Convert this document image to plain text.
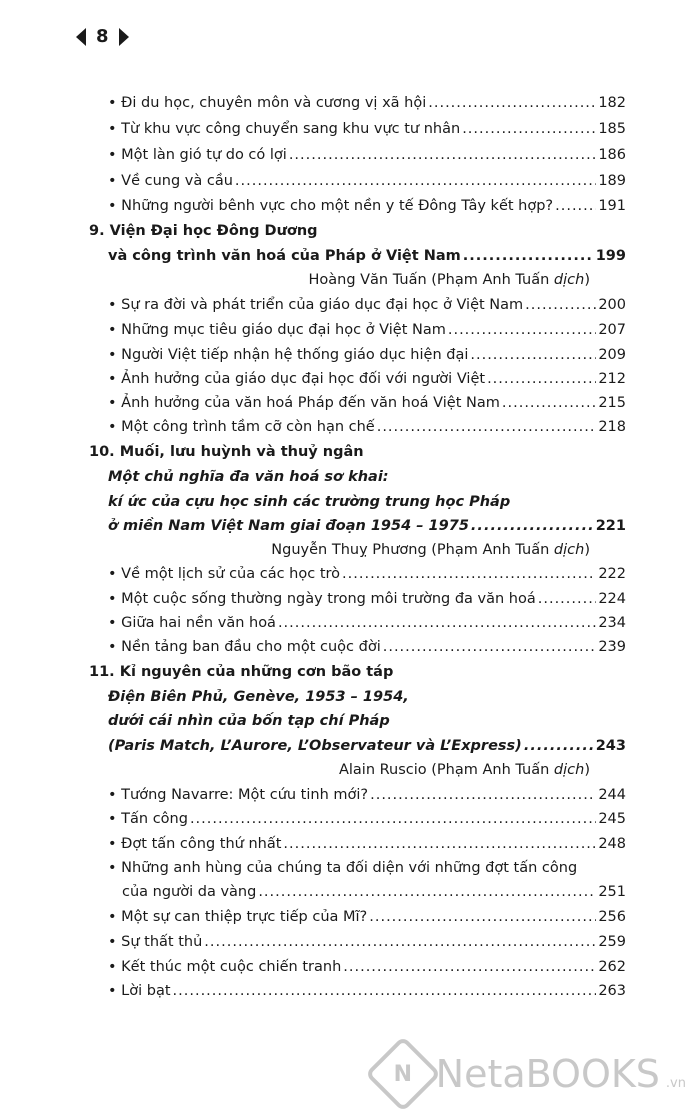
8
• Đi du học, chuyên môn và cương vị xã hội .....	182
• Từ khu vực công chuyển sang khu vực tư nhân .....	185
• Một làn gió tự do có lợi .....	186
• Về cung và cầu .....	189
• Những người bênh vực cho một nền y tế Đông Tây kết hợp? .....	191
9. Viện Đại học Đông Dương
và công trình văn hoá của Pháp ở Việt Nam .....	199
Hoàng Văn Tuấn (Phạm Anh Tuấn dịch)
• Sự ra đời và phát triển của giáo dục đại học ở Việt Nam .....	200
• Những mục tiêu giáo dục đại học ở Việt Nam .....	207
• Người Việt tiếp nhận hệ thống giáo dục hiện đại .....	209
• Ảnh hưởng của giáo dục đại học đối với người Việt .....	212
• Ảnh hưởng của văn hoá Pháp đến văn hoá Việt Nam .....	215
• Một công trình tầm cỡ còn hạn chế .....	218
10. Muối, lưu huỳnh và thuỷ ngân
Một chủ nghĩa đa văn hoá sơ khai:
kí ức của cựu học sinh các trường trung học Pháp
ở miền Nam Việt Nam giai đoạn 1954 – 1975 .....	221
Nguyễn Thuỵ Phương (Phạm Anh Tuấn dịch)
• Về một lịch sử của các học trò .....	222
• Một cuộc sống thường ngày trong môi trường đa văn hoá .....	224
• Giữa hai nền văn hoá .....	234
• Nền tảng ban đầu cho một cuộc đời .....	239
11. Kỉ nguyên của những cơn bão táp
Điện Biên Phủ, Genève, 1953 – 1954,
dưới cái nhìn của bốn tạp chí Pháp
(Paris Match, L’Aurore, L’Observateur và L’Express) .....	243
Alain Ruscio (Phạm Anh Tuấn dịch)
• Tướng Navarre: Một cứu tinh mới? .....	244
• Tấn công .....	245
• Đợt tấn công thứ nhất .....	248
• Những anh hùng của chúng ta đối diện với những đợt tấn công
của người da vàng .....	251
• Một sự can thiệp trực tiếp của Mĩ? .....	256
• Sự thất thủ .....	259
• Kết thúc một cuộc chiến tranh .....	262
• Lời bạt .....	263
N NetaBOOKS .vn
